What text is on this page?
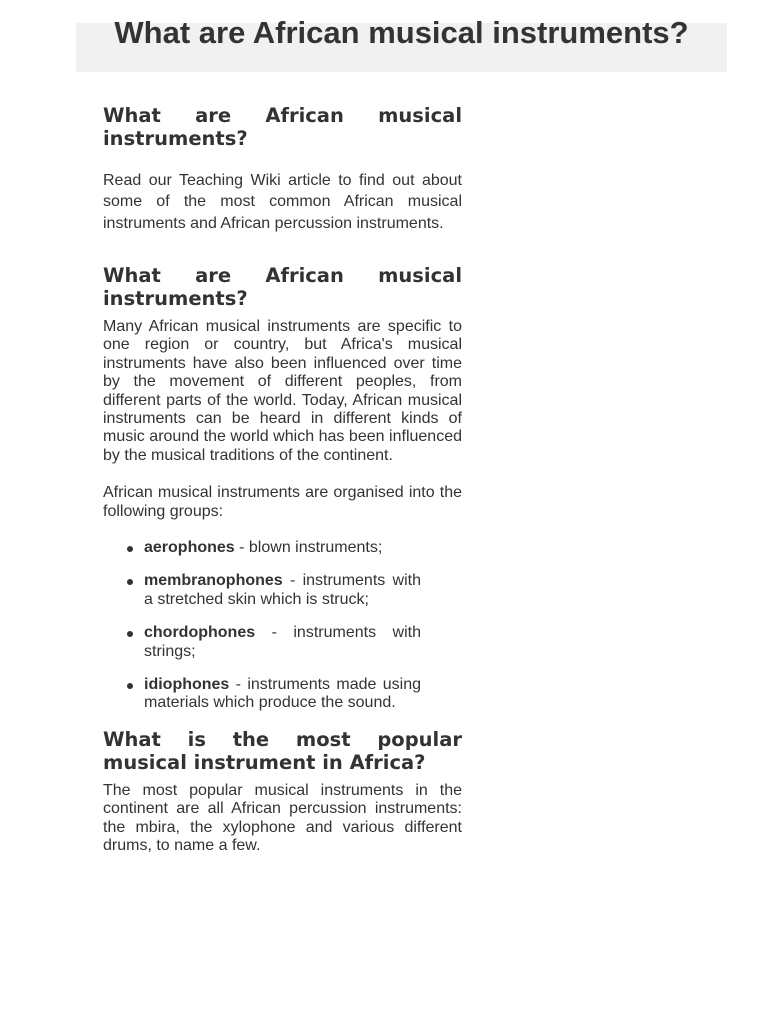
What are African musical instruments?
What are African musical instruments?

Read our Teaching Wiki article to find out about some of the most common African musical instruments and African percussion instruments.

What are African musical instruments?

Many African musical instruments are specific to one region or country, but Africa's musical instruments have also been influenced over time by the movement of different peoples, from different parts of the world. Today, African musical instruments can be heard in different kinds of music around the world which has been influenced by the musical traditions of the continent.

African musical instruments are organised into the following groups:

aerophones - blown instruments;
membranophones - instruments with a stretched skin which is struck;
chordophones - instruments with strings;
idiophones - instruments made using materials which produce the sound.
What is the most popular musical instrument in Africa?

The most popular musical instruments in the continent are all African percussion instruments: the mbira, the xylophone and various different drums, to name a few.
